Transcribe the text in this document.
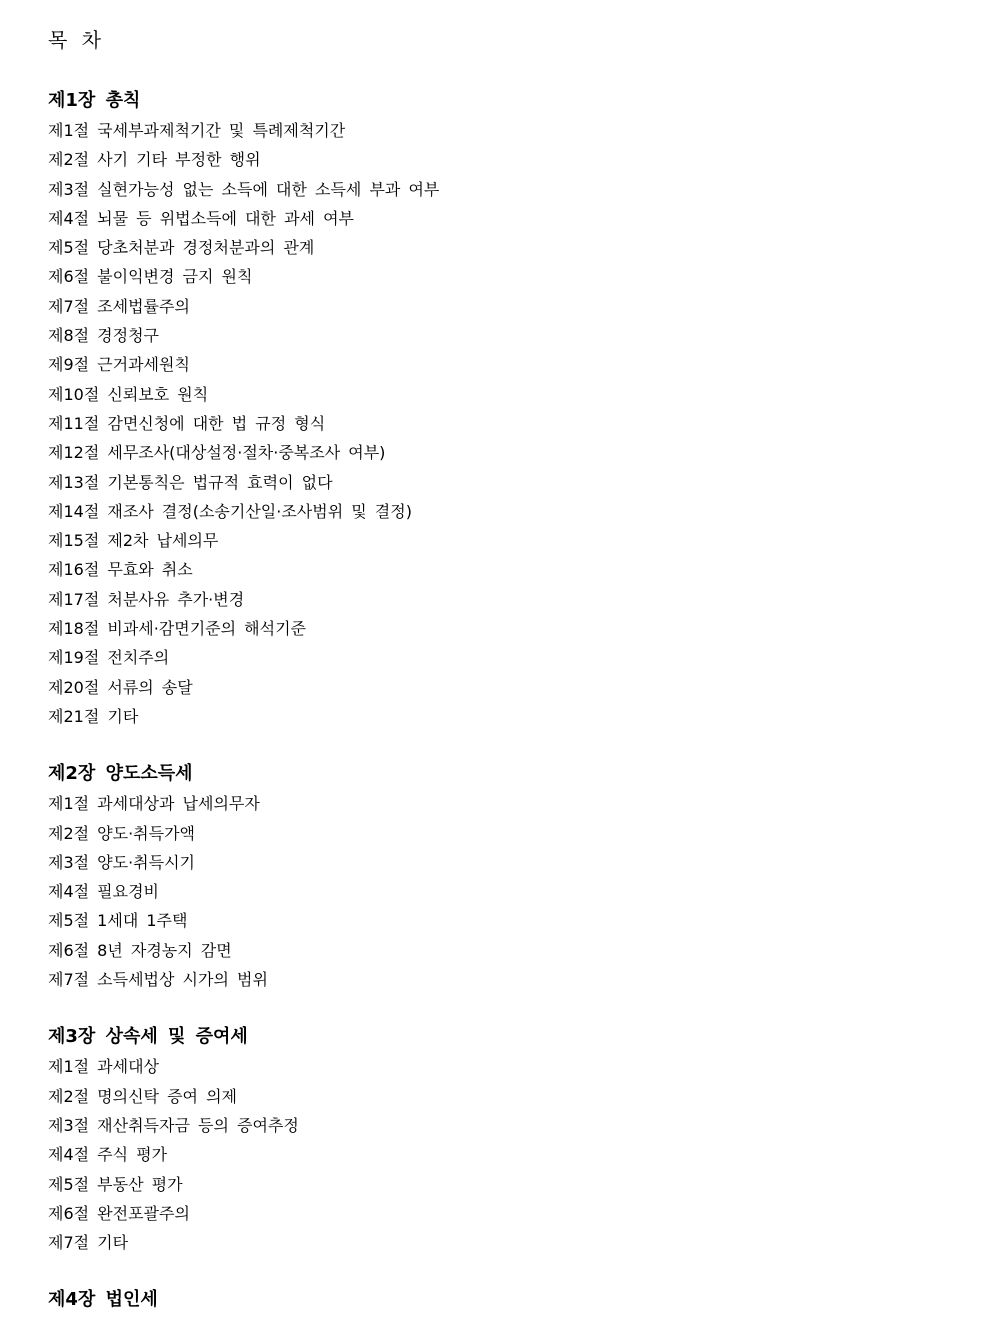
목 차
제1장 총칙
제1절 국세부과제척기간 및 특례제척기간
제2절 사기 기타 부정한 행위
제3절 실현가능성 없는 소득에 대한 소득세 부과 여부
제4절 뇌물 등 위법소득에 대한 과세 여부
제5절 당초처분과 경정처분과의 관계
제6절 불이익변경 금지 원칙
제7절 조세법률주의
제8절 경정청구
제9절 근거과세원칙
제10절 신뢰보호 원칙
제11절 감면신청에 대한 법 규정 형식
제12절 세무조사(대상설정·절차·중복조사 여부)
제13절 기본통칙은 법규적 효력이 없다
제14절 재조사 결정(소송기산일·조사범위 및 결정)
제15절 제2차 납세의무
제16절 무효와 취소
제17절 처분사유 추가·변경
제18절 비과세·감면기준의 해석기준
제19절 전치주의
제20절 서류의 송달
제21절 기타
제2장 양도소득세
제1절 과세대상과 납세의무자
제2절 양도·취득가액
제3절 양도·취득시기
제4절 필요경비
제5절 1세대 1주택
제6절 8년 자경농지 감면
제7절 소득세법상 시가의 범위
제3장 상속세 및 증여세
제1절 과세대상
제2절 명의신탁 증여 의제
제3절 재산취득자금 등의 증여추정
제4절 주식 평가
제5절 부동산 평가
제6절 완전포괄주의
제7절 기타
제4장 법인세
